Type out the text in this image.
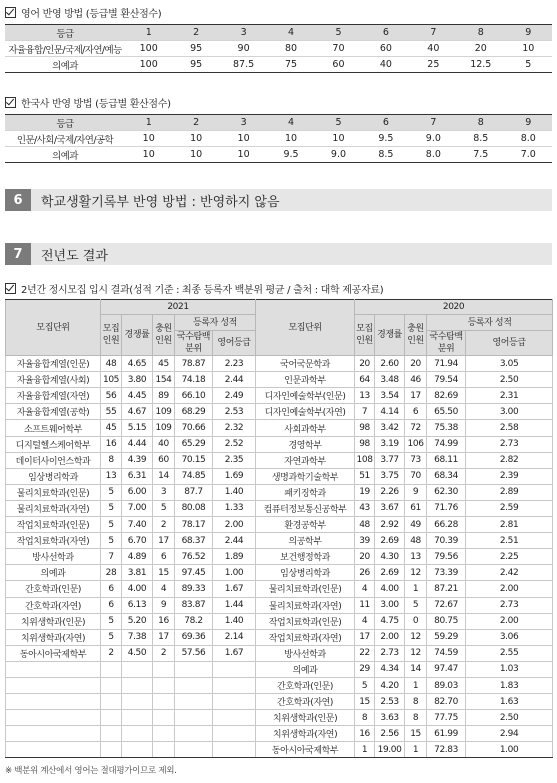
영어 반영 방법 (등급별 환산점수)
등급	1	2	3	4	5	6	7	8	9
자율융합/인문/국제/자연/예능	100	95	90	80	70	60	40	20	10
의예과	100	95	87.5	75	60	40	25	12.5	5
한국사 반영 방법 (등급별 환산점수)
등급	1	2	3	4	5	6	7	8	9
인문/사회/국제/자연/공학	10	10	10	10	10	9.5	9.0	8.5	8.0
의예과	10	10	10	9.5	9.0	8.5	8.0	7.5	7.0
6	학교생활기록부 반영 방법 : 반영하지 않음
7	전년도 결과
2년간 정시모집 입시 결과(성적 기준 : 최종 등록자 백분위 평균 / 출처 : 대학 제공자료)
모집단위	2021					모집단위	2020				
	모집인원	경쟁률	충원인원	등록자 성적			모집인원	경쟁률	충원인원	등록자 성적	
				국수탐백분위	영어등급					국수탐백분위	영어등급
자율융합계열(인문)	48	4.65	45	78.87	2.23	국어국문학과	20	2.60	20	71.94	3.05
자율융합계열(사회)	105	3.80	154	74.18	2.44	인문과학부	64	3.48	46	79.54	2.50
자율융합계열(자연)	56	4.45	89	66.10	2.49	디자인예술학부(인문)	13	3.54	17	82.69	2.31
자율융합계열(공학)	55	4.67	109	68.29	2.53	디자인예술학부(자연)	7	4.14	6	65.50	3.00
소프트웨어학부	45	5.15	109	70.66	2.32	사회과학부	98	3.42	72	75.38	2.58
디지털헬스케어학부	16	4.44	40	65.29	2.52	경영학부	98	3.19	106	74.99	2.73
데이터사이언스학과	8	4.39	60	70.15	2.35	자연과학부	108	3.77	73	68.11	2.82
임상병리학과	13	6.31	14	74.85	1.69	생명과학기술학부	51	3.75	70	68.34	2.39
물리치료학과(인문)	5	6.00	3	87.7	1.40	패키징학과	19	2.26	9	62.30	2.89
물리치료학과(자연)	5	7.00	5	80.08	1.33	컴퓨터정보통신공학부	43	3.67	61	71.76	2.59
작업치료학과(인문)	5	7.40	2	78.17	2.00	환경공학부	48	2.92	49	66.28	2.81
작업치료학과(자연)	5	6.70	17	68.37	2.44	의공학부	39	2.69	48	70.39	2.51
방사선학과	7	4.89	6	76.52	1.89	보건행정학과	20	4.30	13	79.56	2.25
의예과	28	3.81	15	97.45	1.00	임상병리학과	26	2.69	12	73.39	2.42
간호학과(인문)	6	4.00	4	89.33	1.67	물리치료학과(인문)	4	4.00	1	87.21	2.00
간호학과(자연)	6	6.13	9	83.87	1.44	물리치료학과(자연)	11	3.00	5	72.67	2.73
치위생학과(인문)	5	5.20	16	78.2	1.40	작업치료학과(인문)	4	4.75	0	80.75	2.00
치위생학과(자연)	5	7.38	17	69.36	2.14	작업치료학과(자연)	17	2.00	12	59.29	3.06
동아시아국제학부	2	4.50	2	57.56	1.67	방사선학과	22	2.73	12	74.59	2.55
						의예과	29	4.34	14	97.47	1.03
						간호학과(인문)	5	4.20	1	89.03	1.83
						간호학과(자연)	15	2.53	8	82.70	1.63
						치위생학과(인문)	8	3.63	8	77.75	2.50
						치위생학과(자연)	16	2.56	15	61.99	2.94
						동아시아국제학부	1	19.00	1	72.83	1.00
※ 백분위 계산에서 영어는 절대평가이므로 제외.
